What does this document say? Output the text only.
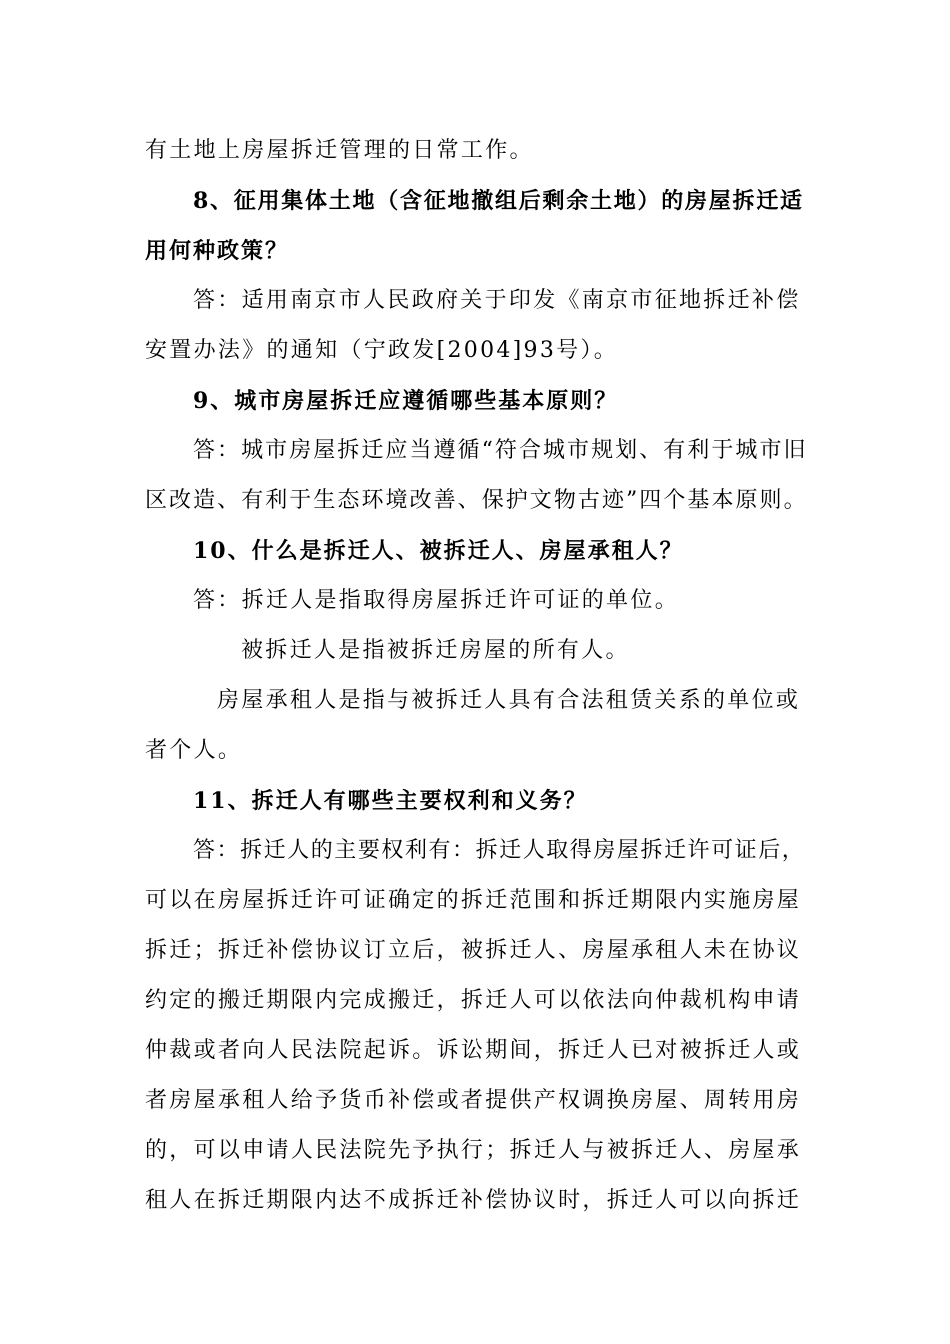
有土地上房屋拆迁管理的日常工作。
8、征用集体土地（含征地撤组后剩余土地）的房屋拆迁适
用何种政策？
答：适用南京市人民政府关于印发《南京市征地拆迁补偿
安置办法》的通知（宁政发[2004]93号）。
9、城市房屋拆迁应遵循哪些基本原则？
答：城市房屋拆迁应当遵循“符合城市规划、有利于城市旧
区改造、有利于生态环境改善、保护文物古迹”四个基本原则。
10、什么是拆迁人、被拆迁人、房屋承租人？
答：拆迁人是指取得房屋拆迁许可证的单位。
被拆迁人是指被拆迁房屋的所有人。
房屋承租人是指与被拆迁人具有合法租赁关系的单位或
者个人。
11、拆迁人有哪些主要权利和义务？
答：拆迁人的主要权利有：拆迁人取得房屋拆迁许可证后，
可以在房屋拆迁许可证确定的拆迁范围和拆迁期限内实施房屋
拆迁；拆迁补偿协议订立后，被拆迁人、房屋承租人未在协议
约定的搬迁期限内完成搬迁，拆迁人可以依法向仲裁机构申请
仲裁或者向人民法院起诉。诉讼期间，拆迁人已对被拆迁人或
者房屋承租人给予货币补偿或者提供产权调换房屋、周转用房
的，可以申请人民法院先予执行；拆迁人与被拆迁人、房屋承
租人在拆迁期限内达不成拆迁补偿协议时，拆迁人可以向拆迁
